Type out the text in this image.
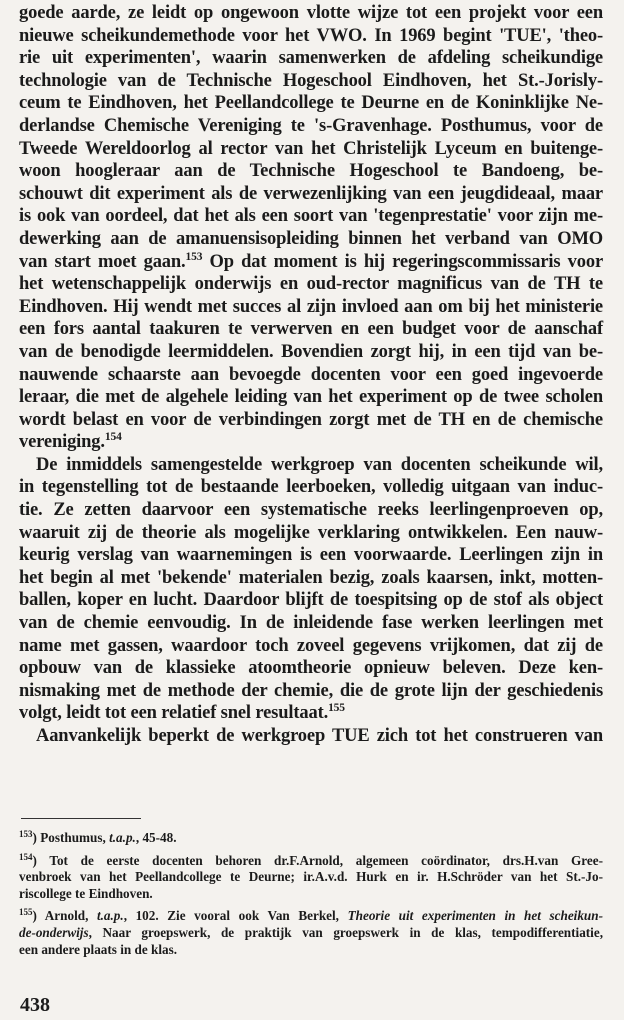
goede aarde, ze leidt op ongewoon vlotte wijze tot een projekt voor een
nieuwe scheikundemethode voor het VWO. In 1969 begint 'TUE', 'theo-
rie uit experimenten', waarin samenwerken de afdeling scheikundige
technologie van de Technische Hogeschool Eindhoven, het St.-Jorisly-
ceum te Eindhoven, het Peellandcollege te Deurne en de Koninklijke Ne-
derlandse Chemische Vereniging te 's-Gravenhage. Posthumus, voor de
Tweede Wereldoorlog al rector van het Christelijk Lyceum en buitenge-
woon hoogleraar aan de Technische Hogeschool te Bandoeng, be-
schouwt dit experiment als de verwezenlijking van een jeugdideaal, maar
is ook van oordeel, dat het als een soort van 'tegenprestatie' voor zijn me-
dewerking aan de amanuensisopleiding binnen het verband van OMO
van start moet gaan.$^{153}$ Op dat moment is hij regeringscommissaris voor
het wetenschappelijk onderwijs en oud-rector magnificus van de TH te
Eindhoven. Hij wendt met succes al zijn invloed aan om bij het ministerie
een fors aantal taakuren te verwerven en een budget voor de aanschaf
van de benodigde leermiddelen. Bovendien zorgt hij, in een tijd van be-
nauwende schaarste aan bevoegde docenten voor een goed ingevoerde
leraar, die met de algehele leiding van het experiment op de twee scholen
wordt belast en voor de verbindingen zorgt met de TH en de chemische
vereniging.$^{154}$
De inmiddels samengestelde werkgroep van docenten scheikunde wil,
in tegenstelling tot de bestaande leerboeken, volledig uitgaan van induc-
tie. Ze zetten daarvoor een systematische reeks leerlingenproeven op,
waaruit zij de theorie als mogelijke verklaring ontwikkelen. Een nauw-
keurig verslag van waarnemingen is een voorwaarde. Leerlingen zijn in
het begin al met 'bekende' materialen bezig, zoals kaarsen, inkt, motten-
ballen, koper en lucht. Daardoor blijft de toespitsing op de stof als object
van de chemie eenvoudig. In de inleidende fase werken leerlingen met
name met gassen, waardoor toch zoveel gegevens vrijkomen, dat zij de
opbouw van de klassieke atoomtheorie opnieuw beleven. Deze ken-
nismaking met de methode der chemie, die de grote lijn der geschiedenis
volgt, leidt tot een relatief snel resultaat.$^{155}$
Aanvankelijk beperkt de werkgroep TUE zich tot het construeren van
$^{153}$) Posthumus, t.a.p., 45-48.
$^{154}$) Tot de eerste docenten behoren dr.F.Arnold, algemeen coördinator, drs.H.van Gree-
venbroek van het Peellandcollege te Deurne; ir.A.v.d. Hurk en ir. H.Schröder van het St.-Jo-
riscollege te Eindhoven.
$^{155}$) Arnold, t.a.p., 102. Zie vooral ook Van Berkel, Theorie uit experimenten in het scheikun-
de-onderwijs, Naar groepswerk, de praktijk van groepswerk in de klas, tempodifferentiatie,
een andere plaats in de klas.
438
